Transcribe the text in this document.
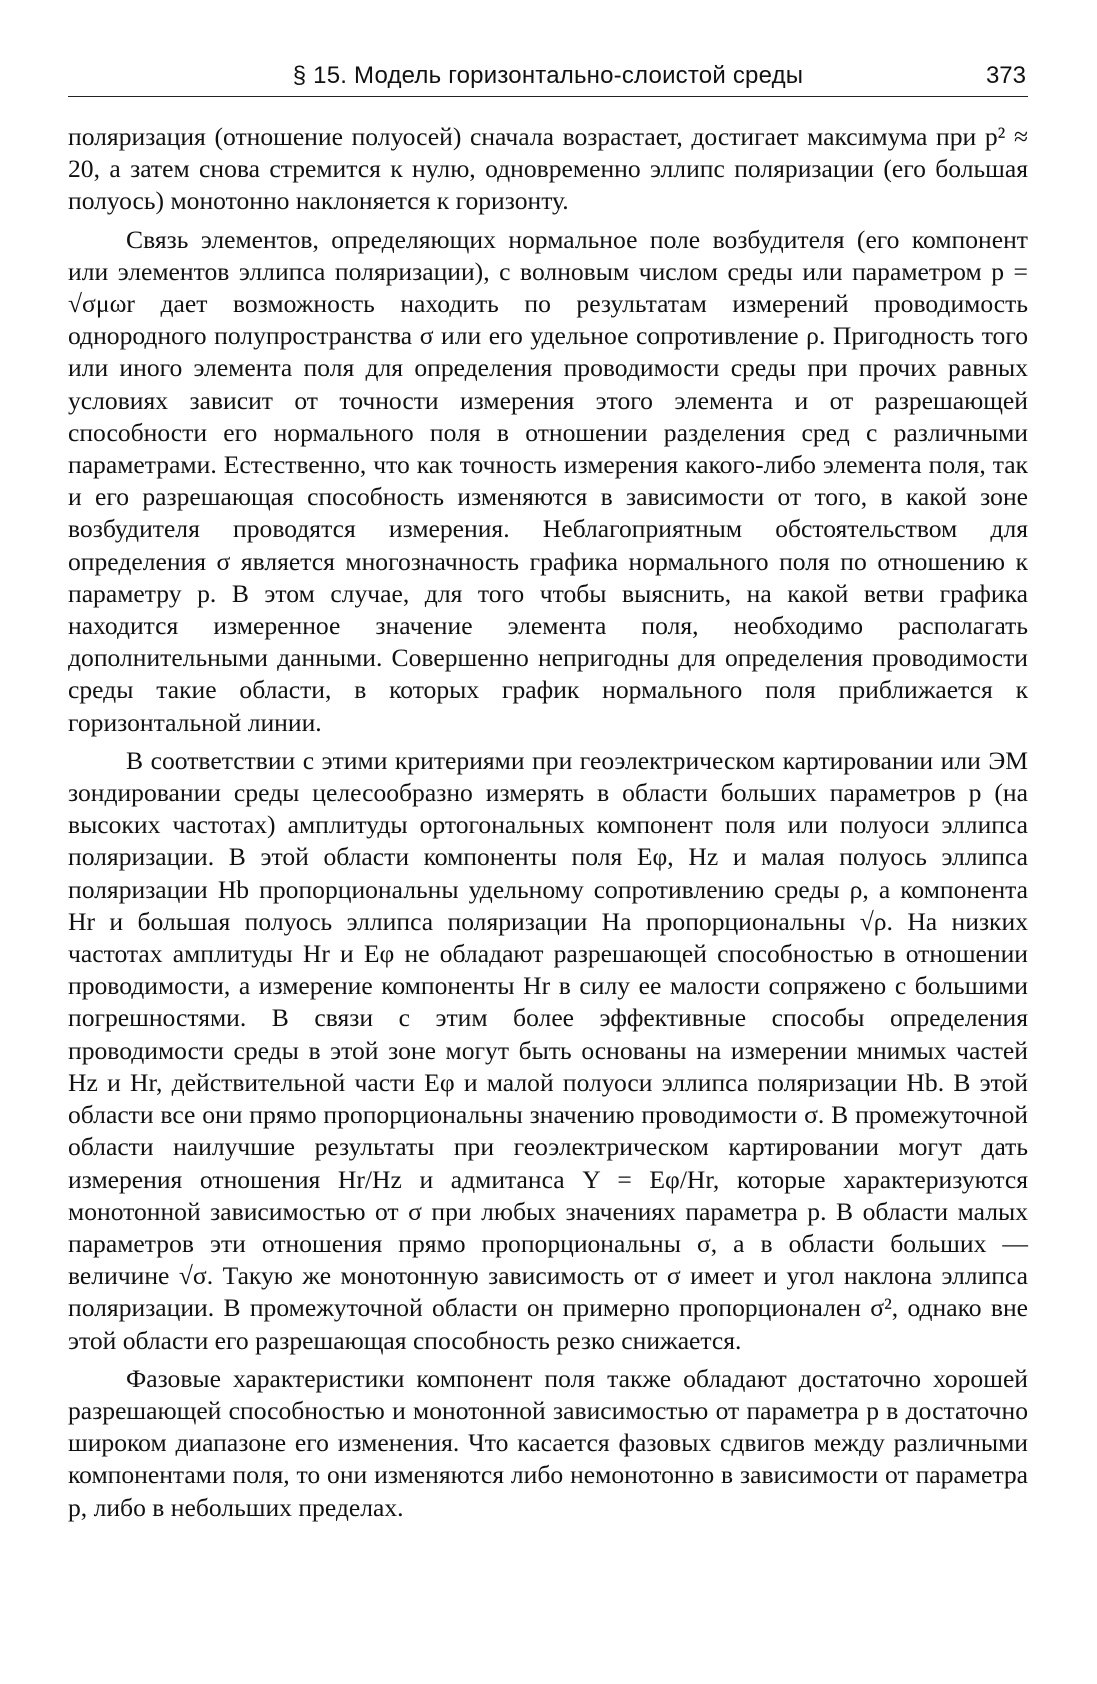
§ 15. Модель горизонтально-слоистой среды	373

поляризация (отношение полуосей) сначала возрастает, достигает максимума при p² ≈ 20, а затем снова стремится к нулю, одновременно эллипс поляризации (его большая полуось) монотонно наклоняется к горизонту.

Связь элементов, определяющих нормальное поле возбудителя (его компонент или элементов эллипса поляризации), с волновым числом среды или параметром p = √σμωr дает возможность находить по результатам измерений проводимость однородного полупространства σ или его удельное сопротивление ρ. Пригодность того или иного элемента поля для определения проводимости среды при прочих равных условиях зависит от точности измерения этого элемента и от разрешающей способности его нормального поля в отношении разделения сред с различными параметрами. Естественно, что как точность измерения какого-либо элемента поля, так и его разрешающая способность изменяются в зависимости от того, в какой зоне возбудителя проводятся измерения. Неблагоприятным обстоятельством для определения σ является многозначность графика нормального поля по отношению к параметру p. В этом случае, для того чтобы выяснить, на какой ветви графика находится измеренное значение элемента поля, необходимо располагать дополнительными данными. Совершенно непригодны для определения проводимости среды такие области, в которых график нормального поля приближается к горизонтальной линии.

В соответствии с этими критериями при геоэлектрическом картировании или ЭМ зондировании среды целесообразно измерять в области больших параметров p (на высоких частотах) амплитуды ортогональных компонент поля или полуоси эллипса поляризации. В этой области компоненты поля Eφ, Hz и малая полуось эллипса поляризации Hb пропорциональны удельному сопротивлению среды ρ, а компонента Hr и большая полуось эллипса поляризации Ha пропорциональны √ρ. На низких частотах амплитуды Hr и Eφ не обладают разрешающей способностью в отношении проводимости, а измерение компоненты Hr в силу ее малости сопряжено с большими погрешностями. В связи с этим более эффективные способы определения проводимости среды в этой зоне могут быть основаны на измерении мнимых частей Hz и Hr, действительной части Eφ и малой полуоси эллипса поляризации Hb. В этой области все они прямо пропорциональны значению проводимости σ. В промежуточной области наилучшие результаты при геоэлектрическом картировании могут дать измерения отношения Hr/Hz и адмитанса Y = Eφ/Hr, которые характеризуются монотонной зависимостью от σ при любых значениях параметра p. В области малых параметров эти отношения прямо пропорциональны σ, а в области больших — величине √σ. Такую же монотонную зависимость от σ имеет и угол наклона эллипса поляризации. В промежуточной области он примерно пропорционален σ², однако вне этой области его разрешающая способность резко снижается.

Фазовые характеристики компонент поля также обладают достаточно хорошей разрешающей способностью и монотонной зависимостью от параметра p в достаточно широком диапазоне его изменения. Что касается фазовых сдвигов между различными компонентами поля, то они изменяются либо немонотонно в зависимости от параметра p, либо в небольших пределах.
